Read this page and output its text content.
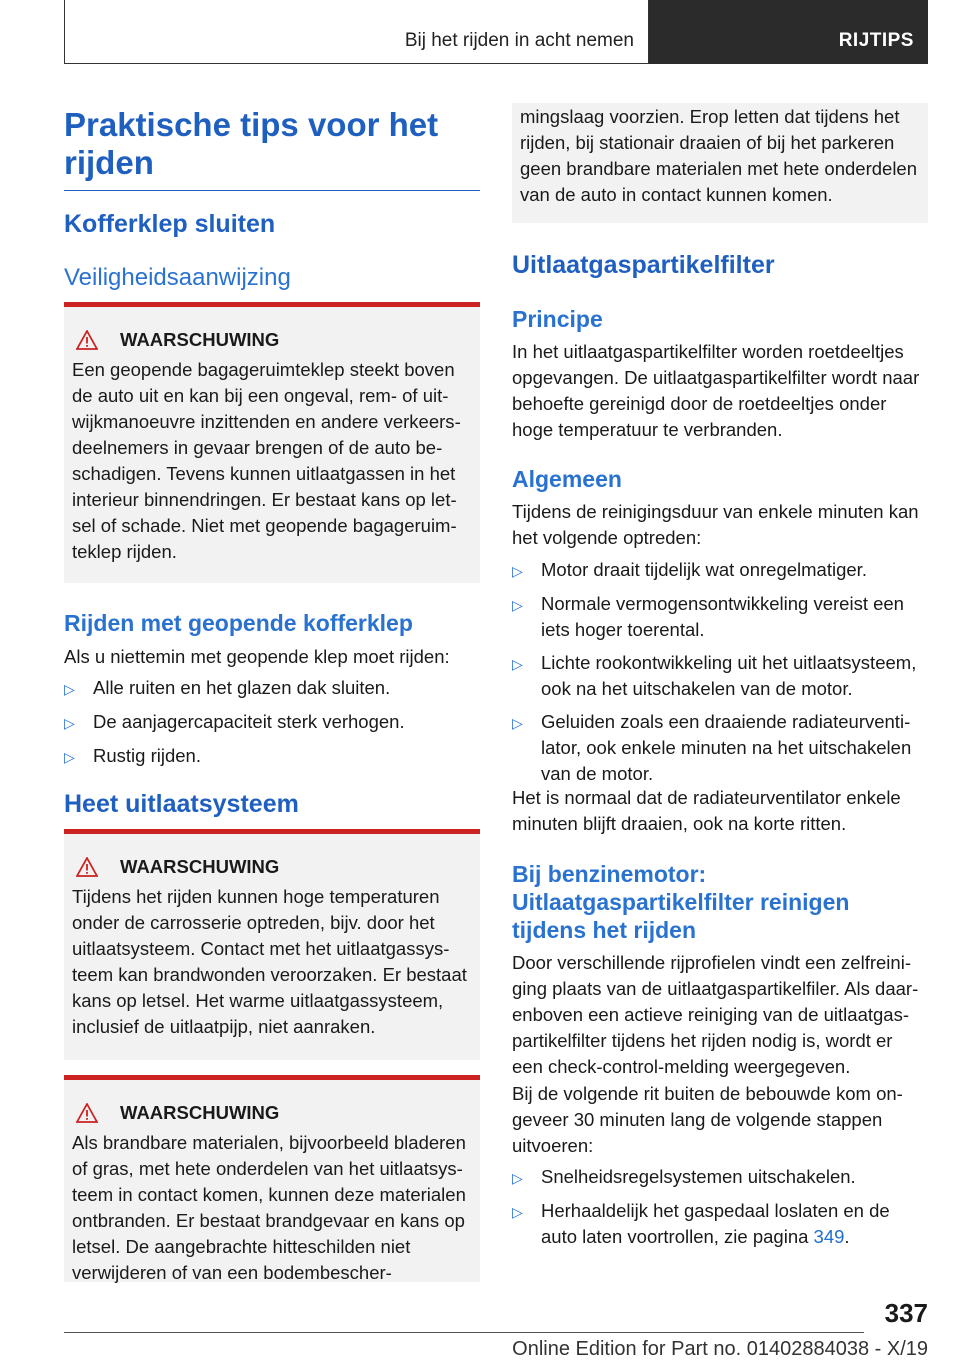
Bij het rijden in acht nemen	RIJTIPS
Praktische tips voor het rijden
Kofferklep sluiten
Veiligheidsaanwijzing
WAARSCHUWING
Een geopende bagageruimteklep steekt boven de auto uit en kan bij een ongeval, rem- of uitwijkmanoeuvre inzittenden en andere verkeersdeelnemers in gevaar brengen of de auto beschadigen. Tevens kunnen uitlaatgassen in het interieur binnendringen. Er bestaat kans op letsel of schade. Niet met geopende bagageruimteklep rijden.
Rijden met geopende kofferklep
Als u niettemin met geopende klep moet rijden:
▷ Alle ruiten en het glazen dak sluiten.
▷ De aanjagercapaciteit sterk verhogen.
▷ Rustig rijden.
Heet uitlaatsysteem
WAARSCHUWING
Tijdens het rijden kunnen hoge temperaturen onder de carrosserie optreden, bijv. door het uitlaatsysteem. Contact met het uitlaatgassysteem kan brandwonden veroorzaken. Er bestaat kans op letsel. Het warme uitlaatgassysteem, inclusief de uitlaatpijp, niet aanraken.
WAARSCHUWING
Als brandbare materialen, bijvoorbeeld bladeren of gras, met hete onderdelen van het uitlaatsysteem in contact komen, kunnen deze materialen ontbranden. Er bestaat brandgevaar en kans op letsel. De aangebrachte hitteschilden niet verwijderen of van een bodembescher-
mingslaag voorzien. Erop letten dat tijdens het rijden, bij stationair draaien of bij het parkeren geen brandbare materialen met hete onderdelen van de auto in contact kunnen komen.
Uitlaatgaspartikelfilter
Principe
In het uitlaatgaspartikelfilter worden roetdeeltjes opgevangen. De uitlaatgaspartikelfilter wordt naar behoefte gereinigd door de roetdeeltjes onder hoge temperatuur te verbranden.
Algemeen
Tijdens de reinigingsduur van enkele minuten kan het volgende optreden:
▷ Motor draait tijdelijk wat onregelmatiger.
▷ Normale vermogensontwikkeling vereist een iets hoger toerental.
▷ Lichte rookontwikkeling uit het uitlaatsysteem, ook na het uitschakelen van de motor.
▷ Geluiden zoals een draaiende radiateurventilator, ook enkele minuten na het uitschakelen van de motor.
Het is normaal dat de radiateurventilator enkele minuten blijft draaien, ook na korte ritten.
Bij benzinemotor: Uitlaatgaspartikelfilter reinigen tijdens het rijden
Door verschillende rijprofielen vindt een zelfreiniging plaats van de uitlaatgaspartikelfiler. Als daarenboven een actieve reiniging van de uitlaatgaspartikelfilter tijdens het rijden nodig is, wordt er een check-control-melding weergegeven.
Bij de volgende rit buiten de bebouwde kom ongeveer 30 minuten lang de volgende stappen uitvoeren:
▷ Snelheidsregelsystemen uitschakelen.
▷ Herhaaldelijk het gaspedaal loslaten en de auto laten voortrollen, zie pagina 349.
337
Online Edition for Part no. 01402884038 - X/19
